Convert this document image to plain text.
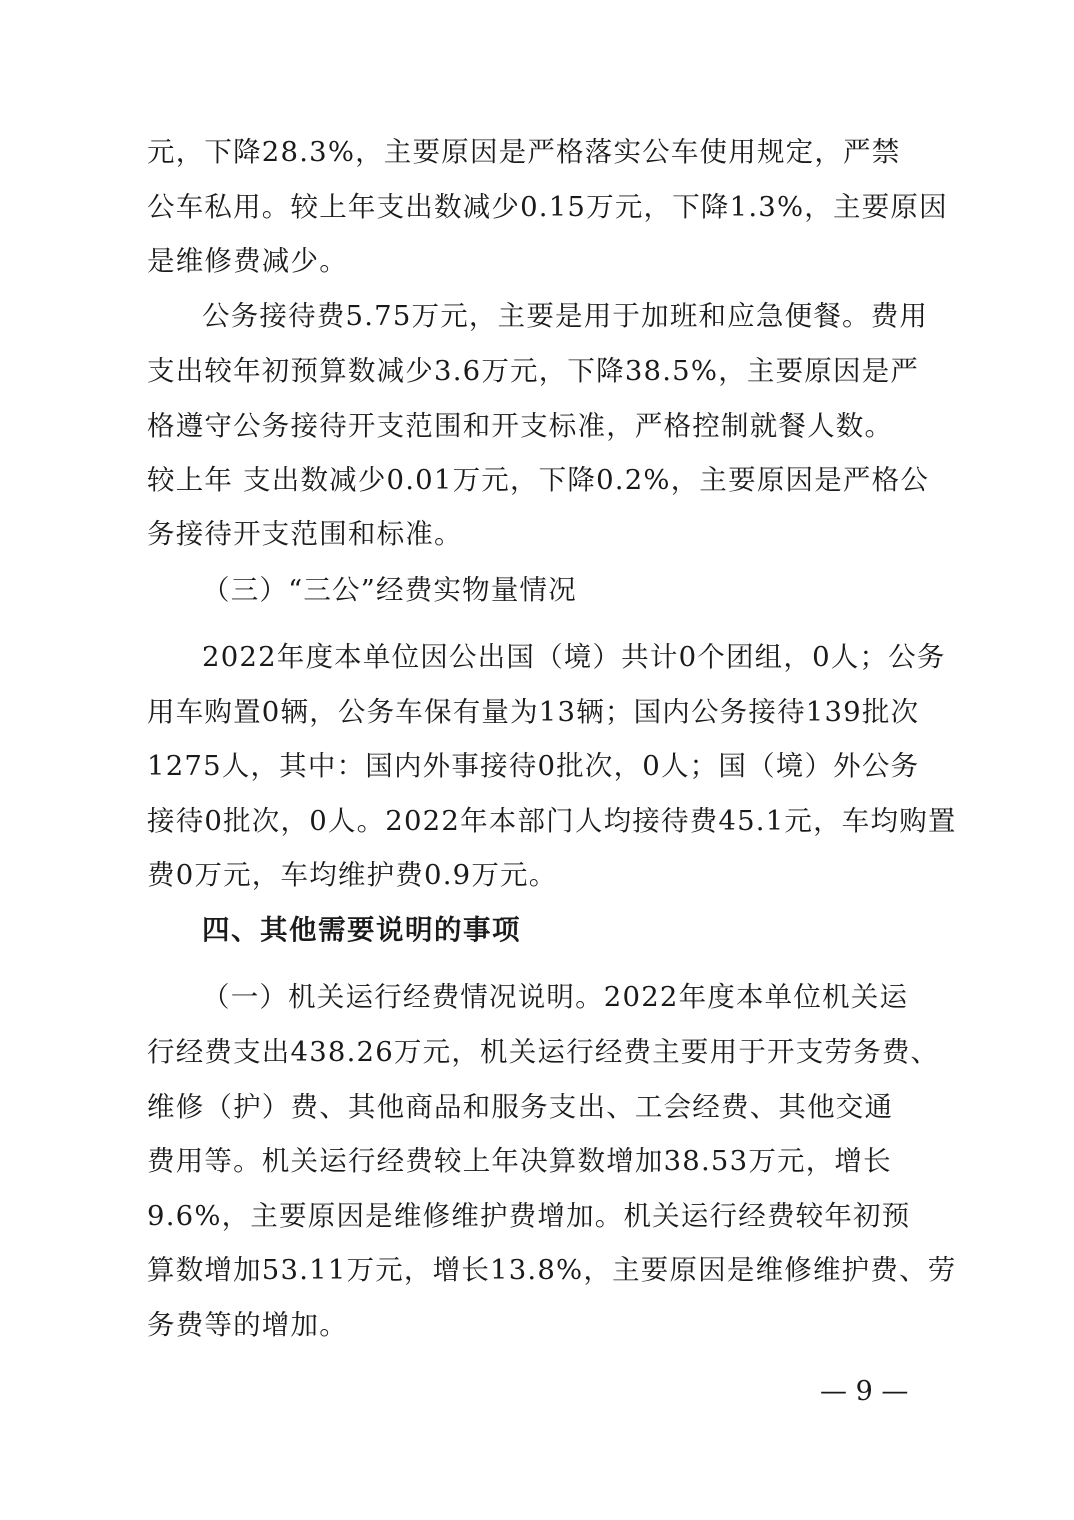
元，下降28.3%，主要原因是严格落实公车使用规定，严禁
公车私用。较上年支出数减少0.15万元，下降1.3%，主要原因
是维修费减少。
公务接待费5.75万元，主要是用于加班和应急便餐。费用
支出较年初预算数减少3.6万元，下降38.5%，主要原因是严
格遵守公务接待开支范围和开支标准，严格控制就餐人数。
较上年 支出数减少0.01万元，下降0.2%，主要原因是严格公
务接待开支范围和标准。
（三）“三公”经费实物量情况
2022年度本单位因公出国（境）共计0个团组，0人；公务
用车购置0辆，公务车保有量为13辆；国内公务接待139批次
1275人，其中：国内外事接待0批次，0人；国（境）外公务
接待0批次，0人。2022年本部门人均接待费45.1元，车均购置
费0万元，车均维护费0.9万元。
四、其他需要说明的事项
（一）机关运行经费情况说明。2022年度本单位机关运
行经费支出438.26万元，机关运行经费主要用于开支劳务费、
维修（护）费、其他商品和服务支出、工会经费、其他交通
费用等。机关运行经费较上年决算数增加38.53万元，增长
9.6%，主要原因是维修维护费增加。机关运行经费较年初预
算数增加53.11万元，增长13.8%，主要原因是维修维护费、劳
务费等的增加。
— 9 —
